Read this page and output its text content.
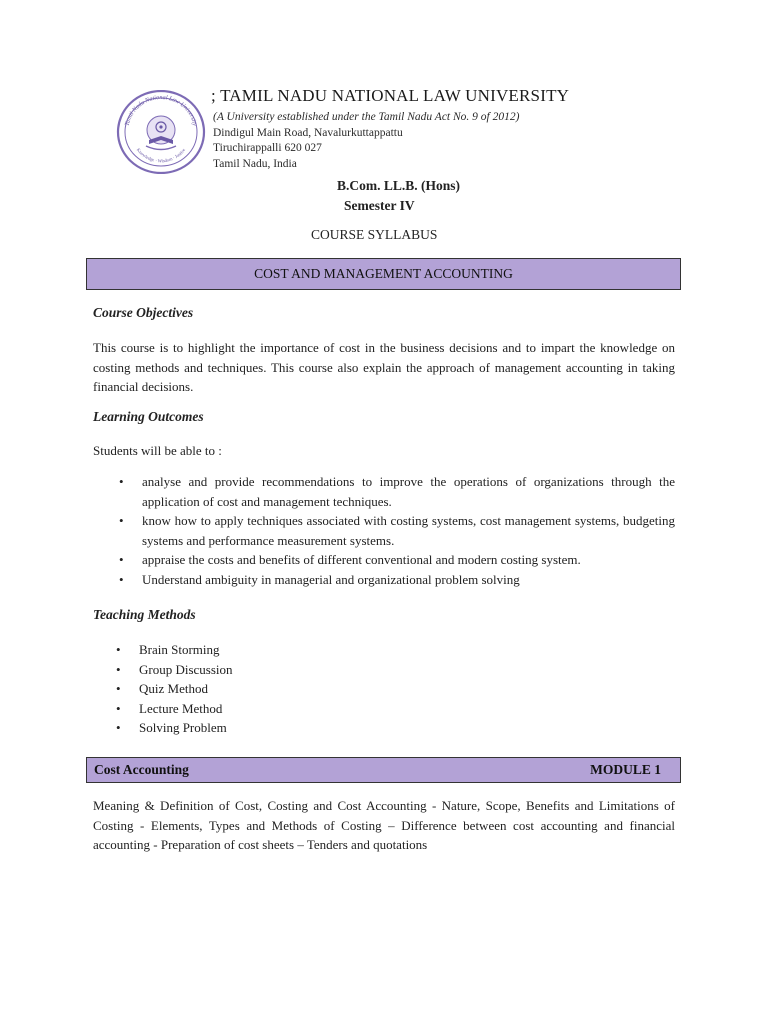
Tamil Nadu National Law University
Knowledge · Wisdom · Justice
; TAMIL NADU NATIONAL LAW UNIVERSITY
(A University established under the Tamil Nadu Act No. 9 of 2012)
Dindigul Main Road, Navalurkuttappattu
Tiruchirappalli 620 027
Tamil Nadu, India
B.Com. LL.B. (Hons)
Semester IV
COURSE SYLLABUS
COST AND MANAGEMENT ACCOUNTING
Course Objectives
This course is to highlight the importance of cost in the business decisions and to impart the knowledge on costing methods and techniques. This course also explain the approach of management accounting in taking financial decisions.
Learning Outcomes
Students will be able to :
• analyse and provide recommendations to improve the operations of organizations through the application of cost and management techniques.
• know how to apply techniques associated with costing systems, cost management systems, budgeting systems and performance measurement systems.
• appraise the costs and benefits of different conventional and modern costing system.
• Understand ambiguity in managerial and organizational problem solving
Teaching Methods
• Brain Storming
• Group Discussion
• Quiz Method
• Lecture Method
• Solving Problem
Cost Accounting	MODULE 1
Meaning & Definition of Cost, Costing and Cost Accounting - Nature, Scope, Benefits and Limitations of Costing - Elements, Types and Methods of Costing – Difference between cost accounting and financial accounting - Preparation of cost sheets – Tenders and quotations
